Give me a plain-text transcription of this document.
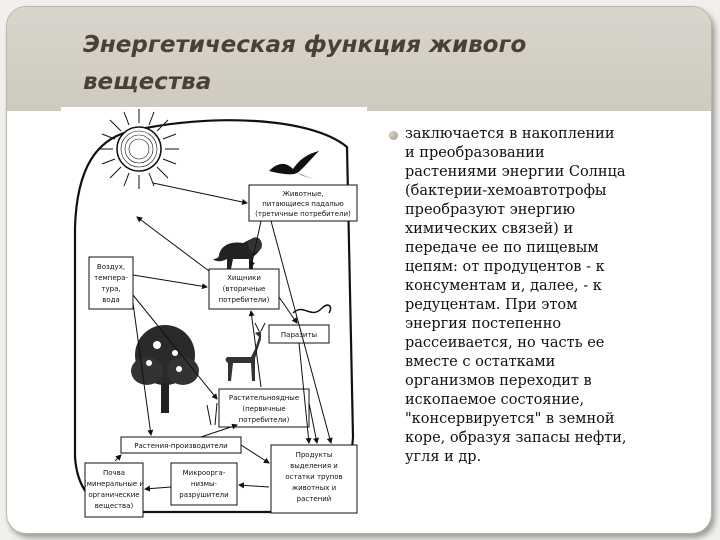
Энергетическая функция живого вещества
Животные,
питающиеся падалью
(третичные потребители)
Воздух,
темпера-
тура,
вода
Хищники
(вторичные
потребители)
Паразиты
Растительноядные
(первичные
потребители)
Растения-производители
Почва
(минеральные и
органические
вещества)
Микроорга-
низмы-
разрушители
Продукты
выделения и
остатки трупов
животных и
растений

заключается в накоплении
и преобразовании
растениями энергии Солнца
(бактерии-хемоавтотрофы
преобразуют энергию
химических связей) и
передаче ее по пищевым
цепям: от продуцентов - к
консументам и, далее, - к
редуцентам. При этом
энергия постепенно
рассеивается, но часть ее
вместе с остатками
организмов переходит в
ископаемое состояние,
"консервируется" в земной
коре, образуя запасы нефти,
угля и др.
